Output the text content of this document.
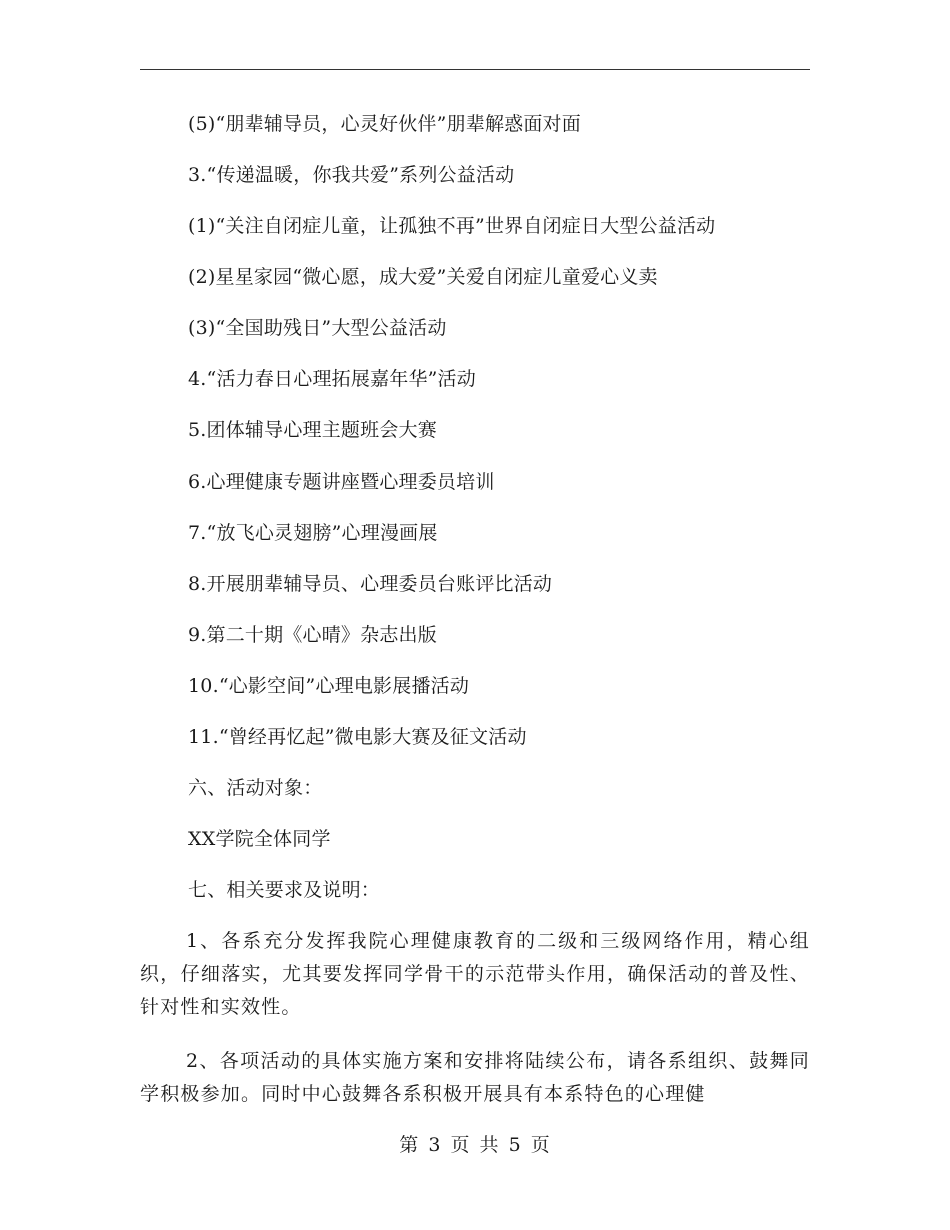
(5)“朋辈辅导员，心灵好伙伴”朋辈解惑面对面
3.“传递温暖，你我共爱”系列公益活动
(1)“关注自闭症儿童，让孤独不再”世界自闭症日大型公益活动
(2)星星家园“微心愿，成大爱”关爱自闭症儿童爱心义卖
(3)“全国助残日”大型公益活动
4.“活力春日心理拓展嘉年华”活动
5.团体辅导心理主题班会大赛
6.心理健康专题讲座暨心理委员培训
7.“放飞心灵翅膀”心理漫画展
8.开展朋辈辅导员、心理委员台账评比活动
9.第二十期《心晴》杂志出版
10.“心影空间”心理电影展播活动
11.“曾经再忆起”微电影大赛及征文活动
六、活动对象：
XX学院全体同学
七、相关要求及说明：
1、各系充分发挥我院心理健康教育的二级和三级网络作用，精心组织，仔细落实，尤其要发挥同学骨干的示范带头作用，确保活动的普及性、针对性和实效性。
2、各项活动的具体实施方案和安排将陆续公布，请各系组织、鼓舞同学积极参加。同时中心鼓舞各系积极开展具有本系特色的心理健
第 3 页 共 5 页
